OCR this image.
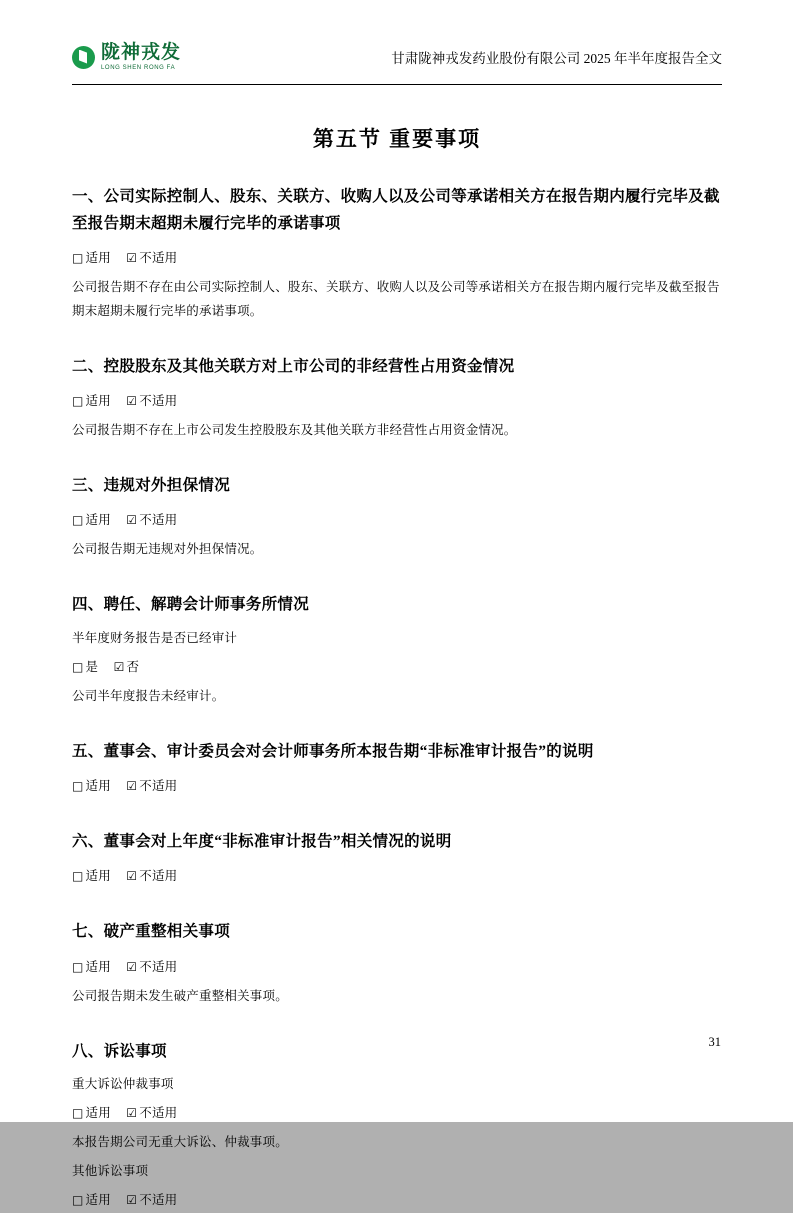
陇神戎发
LONG SHEN RONG FA
甘肃陇神戎发药业股份有限公司 2025 年半年度报告全文
第五节 重要事项
一、公司实际控制人、股东、关联方、收购人以及公司等承诺相关方在报告期内履行完毕及截至报告期末超期未履行完毕的承诺事项
□ 适用 ☑ 不适用

公司报告期不存在由公司实际控制人、股东、关联方、收购人以及公司等承诺相关方在报告期内履行完毕及截至报告期末超期未履行完毕的承诺事项。

二、控股股东及其他关联方对上市公司的非经营性占用资金情况
□ 适用 ☑ 不适用

公司报告期不存在上市公司发生控股股东及其他关联方非经营性占用资金情况。

三、违规对外担保情况
□ 适用 ☑ 不适用

公司报告期无违规对外担保情况。

四、聘任、解聘会计师事务所情况

半年度财务报告是否已经审计

□ 是 ☑ 否

公司半年度报告未经审计。

五、董事会、审计委员会对会计师事务所本报告期“非标准审计报告”的说明
□ 适用 ☑ 不适用
六、董事会对上年度“非标准审计报告”相关情况的说明
□ 适用 ☑ 不适用
七、破产重整相关事项
□ 适用 ☑ 不适用

公司报告期未发生破产重整相关事项。

八、诉讼事项

重大诉讼仲裁事项

□ 适用 ☑ 不适用

本报告期公司无重大诉讼、仲裁事项。

其他诉讼事项

□ 适用 ☑ 不适用
31
